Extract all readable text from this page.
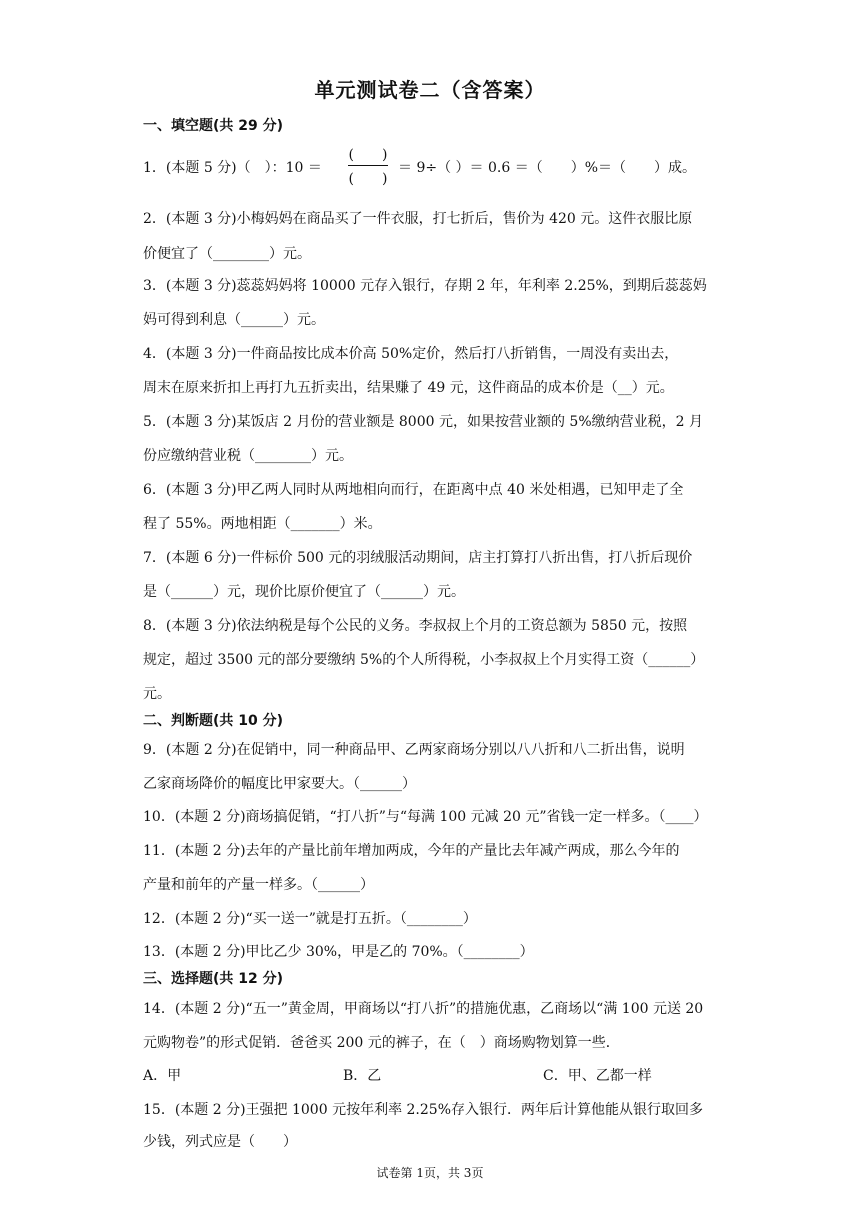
单元测试卷二（含答案）
一、填空题(共 29 分)
1．(本题 5 分)（　）：10 ＝	＝ 9÷（ ）＝ 0.6 ＝（　　）%＝（　　）成。
(　　)
(　　)
2．(本题 3 分)小梅妈妈在商品买了一件衣服，打七折后，售价为 420 元。这件衣服比原
价便宜了（________）元。
3．(本题 3 分)蕊蕊妈妈将 10000 元存入银行，存期 2 年，年利率 2.25%，到期后蕊蕊妈
妈可得到利息（______）元。
4．(本题 3 分)一件商品按比成本价高 50%定价，然后打八折销售，一周没有卖出去，
周末在原来折扣上再打九五折卖出，结果赚了 49 元，这件商品的成本价是（__）元。
5．(本题 3 分)某饭店 2 月份的营业额是 8000 元，如果按营业额的 5%缴纳营业税，2 月
份应缴纳营业税（________）元。
6．(本题 3 分)甲乙两人同时从两地相向而行，在距离中点 40 米处相遇，已知甲走了全
程了 55%。两地相距（_______）米。
7．(本题 6 分)一件标价 500 元的羽绒服活动期间，店主打算打八折出售，打八折后现价
是（______）元，现价比原价便宜了（______）元。
8．(本题 3 分)依法纳税是每个公民的义务。李叔叔上个月的工资总额为 5850 元，按照
规定，超过 3500 元的部分要缴纳 5%的个人所得税，小李叔叔上个月实得工资（______）
元。
二、判断题(共 10 分)
9．(本题 2 分)在促销中，同一种商品甲、乙两家商场分别以八八折和八二折出售，说明
乙家商场降价的幅度比甲家要大。（______）
10．(本题 2 分)商场搞促销，“打八折”与“每满 100 元减 20 元”省钱一定一样多。（____）
11．(本题 2 分)去年的产量比前年增加两成，今年的产量比去年减产两成，那么今年的
产量和前年的产量一样多。（______）
12．(本题 2 分)“买一送一”就是打五折。（________）
13．(本题 2 分)甲比乙少 30%，甲是乙的 70%。（________）
三、选择题(共 12 分)
14．(本题 2 分)“五一”黄金周，甲商场以“打八折”的措施优惠，乙商场以“满 100 元送 20
元购物卷”的形式促销．爸爸买 200 元的裤子，在（　）商场购物划算一些．
A．甲	B．乙	C．甲、乙都一样
15．(本题 2 分)王强把 1000 元按年利率 2.25%存入银行．两年后计算他能从银行取回多
少钱，列式应是（　　）
试卷第 1页，共 3页
